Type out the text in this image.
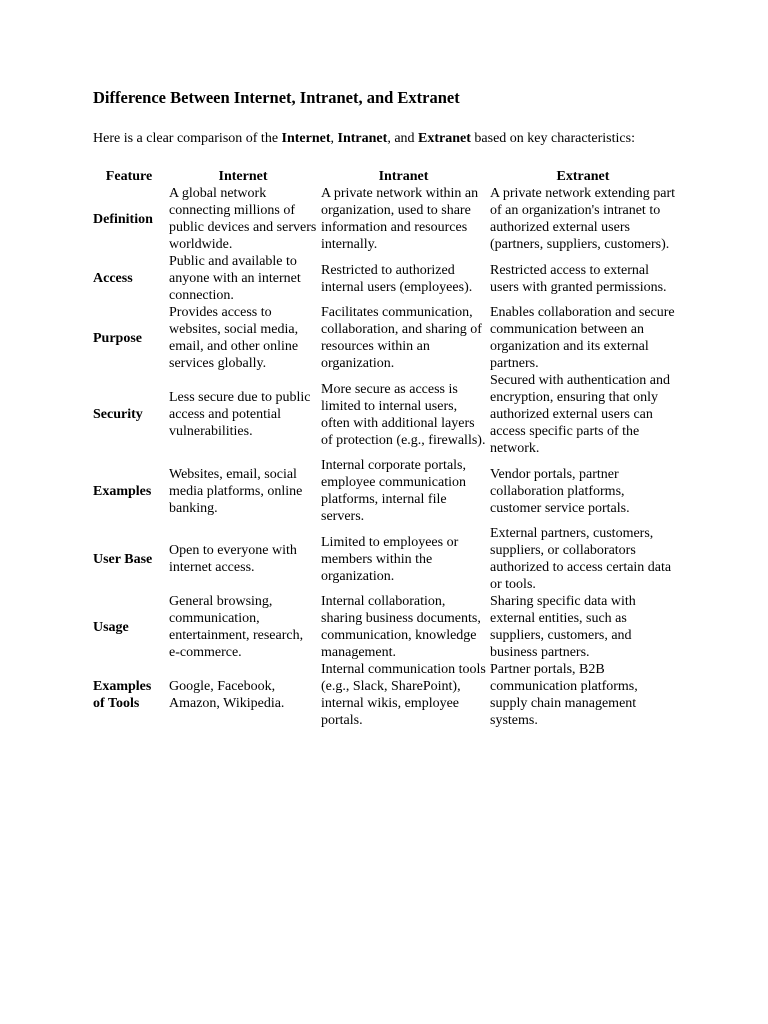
Difference Between Internet, Intranet, and Extranet

Here is a clear comparison of the Internet, Intranet, and Extranet based on key characteristics:

Feature	Internet	Intranet	Extranet
Definition	A global network connecting millions of public devices and servers worldwide.	A private network within an organization, used to share information and resources internally.	A private network extending part of an organization's intranet to authorized external users (partners, suppliers, customers).
Access	Public and available to anyone with an internet connection.	Restricted to authorized internal users (employees).	Restricted access to external users with granted permissions.
Purpose	Provides access to websites, social media, email, and other online services globally.	Facilitates communication, collaboration, and sharing of resources within an organization.	Enables collaboration and secure communication between an organization and its external partners.
Security	Less secure due to public access and potential vulnerabilities.	More secure as access is limited to internal users, often with additional layers of protection (e.g., firewalls).	Secured with authentication and encryption, ensuring that only authorized external users can access specific parts of the network.
Examples	Websites, email, social media platforms, online banking.	Internal corporate portals, employee communication platforms, internal file servers.	Vendor portals, partner collaboration platforms, customer service portals.
User Base	Open to everyone with internet access.	Limited to employees or members within the organization.	External partners, customers, suppliers, or collaborators authorized to access certain data or tools.
Usage	General browsing, communication, entertainment, research, e-commerce.	Internal collaboration, sharing business documents, communication, knowledge management.	Sharing specific data with external entities, such as suppliers, customers, and business partners.
Examples of Tools	Google, Facebook, Amazon, Wikipedia.	Internal communication tools (e.g., Slack, SharePoint), internal wikis, employee portals.	Partner portals, B2B communication platforms, supply chain management systems.
